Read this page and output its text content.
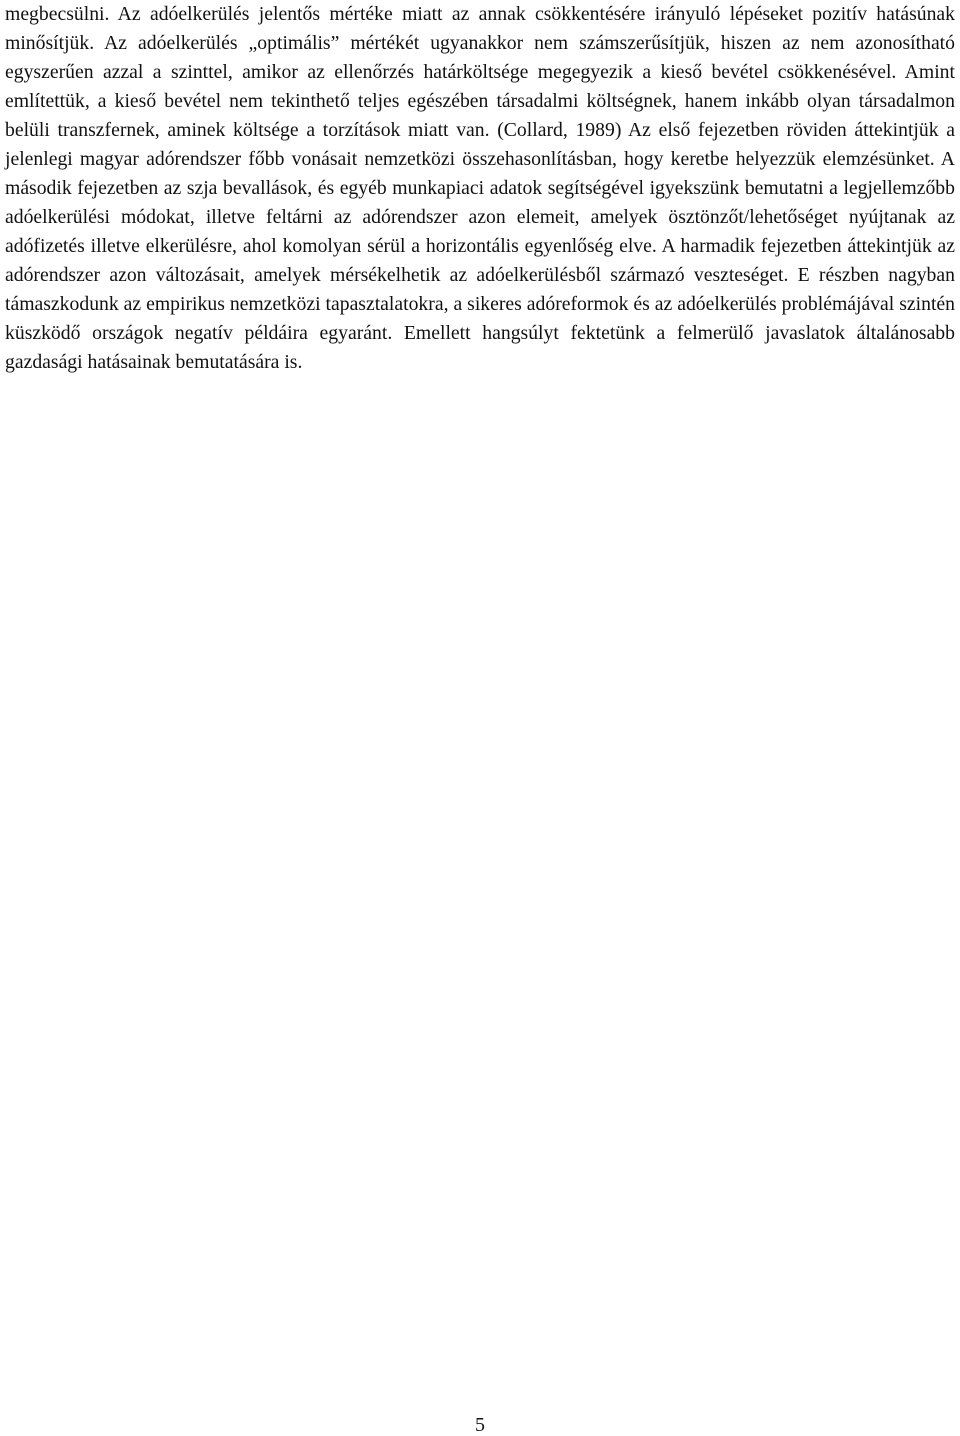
megbecsülni. Az adóelkerülés jelentős mértéke miatt az annak csökkentésére irányuló lépéseket pozitív hatásúnak minősítjük. Az adóelkerülés „optimális” mértékét ugyanakkor nem számszerűsítjük, hiszen az nem azonosítható egyszerűen azzal a szinttel, amikor az ellenőrzés határköltsége megegyezik a kieső bevétel csökkenésével. Amint említettük, a kieső bevétel nem tekinthető teljes egészében társadalmi költségnek, hanem inkább olyan társadalmon belüli transzfernek, aminek költsége a torzítások miatt van. (Collard, 1989) Az első fejezetben röviden áttekintjük a jelenlegi magyar adórendszer főbb vonásait nemzetközi összehasonlításban, hogy keretbe helyezzük elemzésünket. A második fejezetben az szja bevallások, és egyéb munkapiaci adatok segítségével igyekszünk bemutatni a legjellemzőbb adóelkerülési módokat, illetve feltárni az adórendszer azon elemeit, amelyek ösztönzőt/lehetőséget nyújtanak az adófizetés illetve elkerülésre, ahol komolyan sérül a horizontális egyenlőség elve. A harmadik fejezetben áttekintjük az adórendszer azon változásait, amelyek mérsékelhetik az adóelkerülésből származó veszteséget. E részben nagyban támaszkodunk az empirikus nemzetközi tapasztalatokra, a sikeres adóreformok és az adóelkerülés problémájával szintén küszködő országok negatív példáira egyaránt. Emellett hangsúlyt fektetünk a felmerülő javaslatok általánosabb gazdasági hatásainak bemutatására is.

5
